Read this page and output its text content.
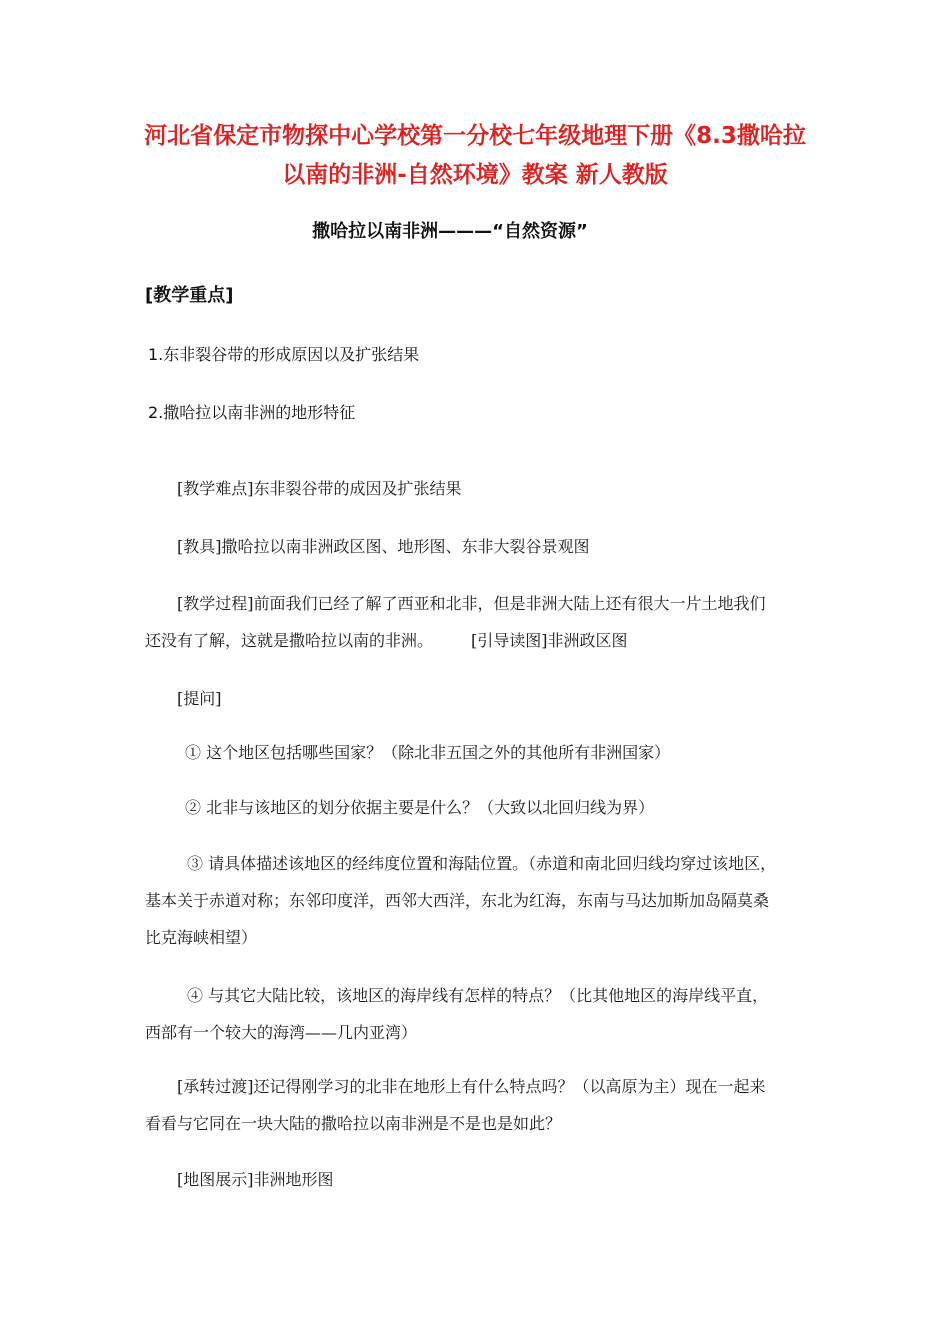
河北省保定市物探中心学校第一分校七年级地理下册《8.3撒哈拉
以南的非洲-自然环境》教案 新人教版
撒哈拉以南非洲———“自然资源”
[教学重点]
1.东非裂谷带的形成原因以及扩张结果
2.撒哈拉以南非洲的地形特征
[教学难点]东非裂谷带的成因及扩张结果
[教具]撒哈拉以南非洲政区图、地形图、东非大裂谷景观图
[教学过程]前面我们已经了解了西亚和北非，但是非洲大陆上还有很大一片土地我们
还没有了解，这就是撒哈拉以南的非洲。 [引导读图]非洲政区图
[提问]
① 这个地区包括哪些国家？（除北非五国之外的其他所有非洲国家）
② 北非与该地区的划分依据主要是什么？（大致以北回归线为界）
③ 请具体描述该地区的经纬度位置和海陆位置。（赤道和南北回归线均穿过该地区，
基本关于赤道对称；东邻印度洋，西邻大西洋，东北为红海，东南与马达加斯加岛隔莫桑
比克海峡相望）
④ 与其它大陆比较，该地区的海岸线有怎样的特点？（比其他地区的海岸线平直，
西部有一个较大的海湾——几内亚湾）
[承转过渡]还记得刚学习的北非在地形上有什么特点吗？（以高原为主）现在一起来
看看与它同在一块大陆的撒哈拉以南非洲是不是也是如此？
[地图展示]非洲地形图
